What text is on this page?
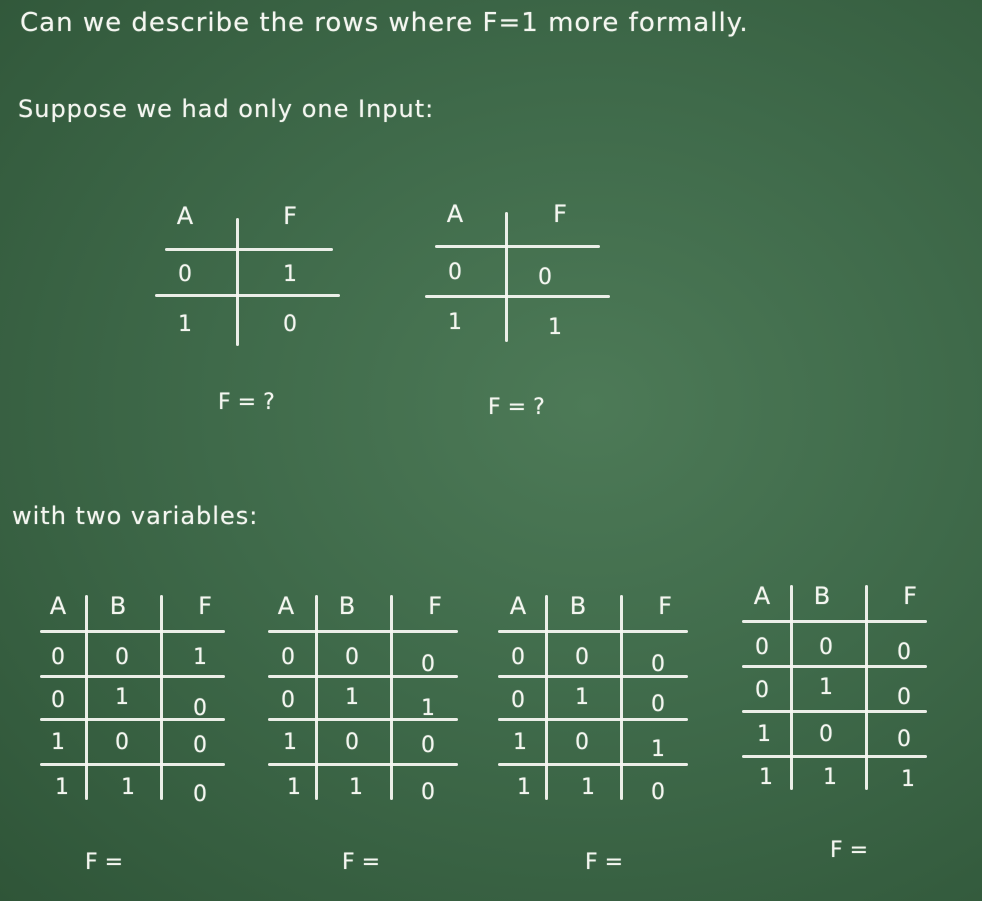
Can we describe the rows where F=1 more formally.
Suppose we had only one Input:
A	F
0	1
1	0
F = ?
A	F
0	0
1	1
F = ?
with two variables:
A	B	F
0	0	1
0	1	0
1	0	0
1	1	0
F =
A	B	F
0	0	0
0	1	1
1	0	0
1	1	0
F =
A	B	F
0	0	0
0	1	0
1	0	1
1	1	0
F =
A	B	F
0	0	0
0	1	0
1	0	0
1	1	1
F =
